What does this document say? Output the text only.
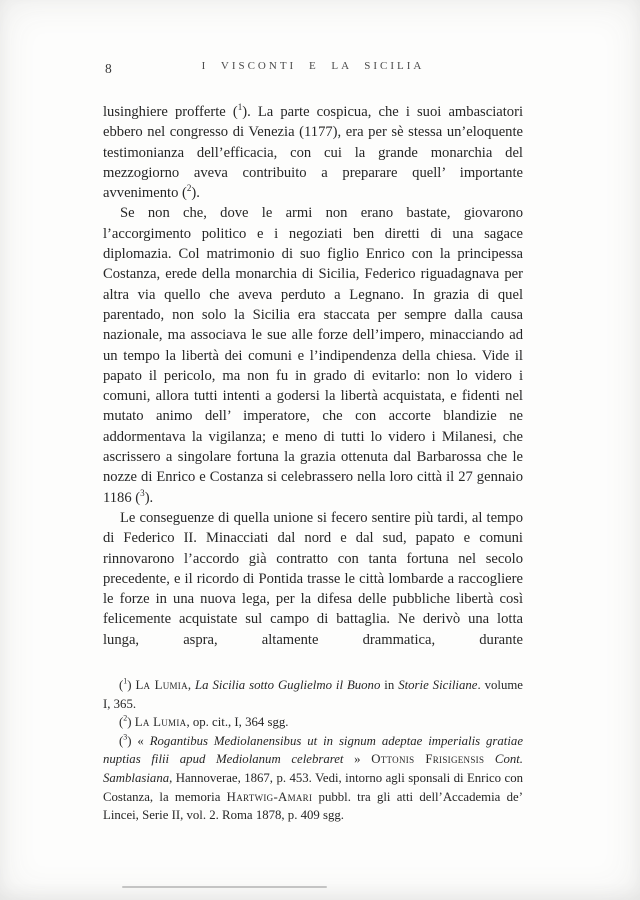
8	I VISCONTI E LA SICILIA

lusinghiere profferte ($^1$). La parte cospicua, che i suoi ambasciatori ebbero nel congresso di Venezia (1177), era per sè stessa un’eloquente testimonianza dell’efficacia, con cui la grande monarchia del mezzogiorno aveva contribuito a preparare quell’ importante avvenimento ($^2$).

Se non che, dove le armi non erano bastate, giovarono l’accorgimento politico e i negoziati ben diretti di una sagace diplomazia. Col matrimonio di suo figlio Enrico con la principessa Costanza, erede della monarchia di Sicilia, Federico riguadagnava per altra via quello che aveva perduto a Legnano. In grazia di quel parentado, non solo la Sicilia era staccata per sempre dalla causa nazionale, ma associava le sue alle forze dell’impero, minacciando ad un tempo la libertà dei comuni e l’indipendenza della chiesa. Vide il papato il pericolo, ma non fu in grado di evitarlo: non lo videro i comuni, allora tutti intenti a godersi la libertà acquistata, e fidenti nel mutato animo dell’ imperatore, che con accorte blandizie ne addormentava la vigilanza; e meno di tutti lo videro i Milanesi, che ascrissero a singolare fortuna la grazia ottenuta dal Barbarossa che le nozze di Enrico e Costanza si celebrassero nella loro città il 27 gennaio 1186 ($^3$).

Le conseguenze di quella unione si fecero sentire più tardi, al tempo di Federico II. Minacciati dal nord e dal sud, papato e comuni rinnovarono l’accordo già contratto con tanta fortuna nel secolo precedente, e il ricordo di Pontida trasse le città lombarde a raccogliere le forze in una nuova lega, per la difesa delle pubbliche libertà così felicemente acquistate sul campo di battaglia. Ne derivò una lotta lunga, aspra, altamente drammatica, durante

($^1$) La Lumia, La Sicilia sotto Guglielmo il Buono in Storie Siciliane. volume I, 365.

($^2$) La Lumia, op. cit., I, 364 sgg.

($^3$) « Rogantibus Mediolanensibus ut in signum adeptae imperialis gratiae nuptias filii apud Mediolanum celebraret » Ottonis Frisigensis Cont. Samblasiana, Hannoverae, 1867, p. 453. Vedi, intorno agli sponsali di Enrico con Costanza, la memoria Hartwig-Amari pubbl. tra gli atti dell’Accademia de’ Lincei, Serie II, vol. 2. Roma 1878, p. 409 sgg.
